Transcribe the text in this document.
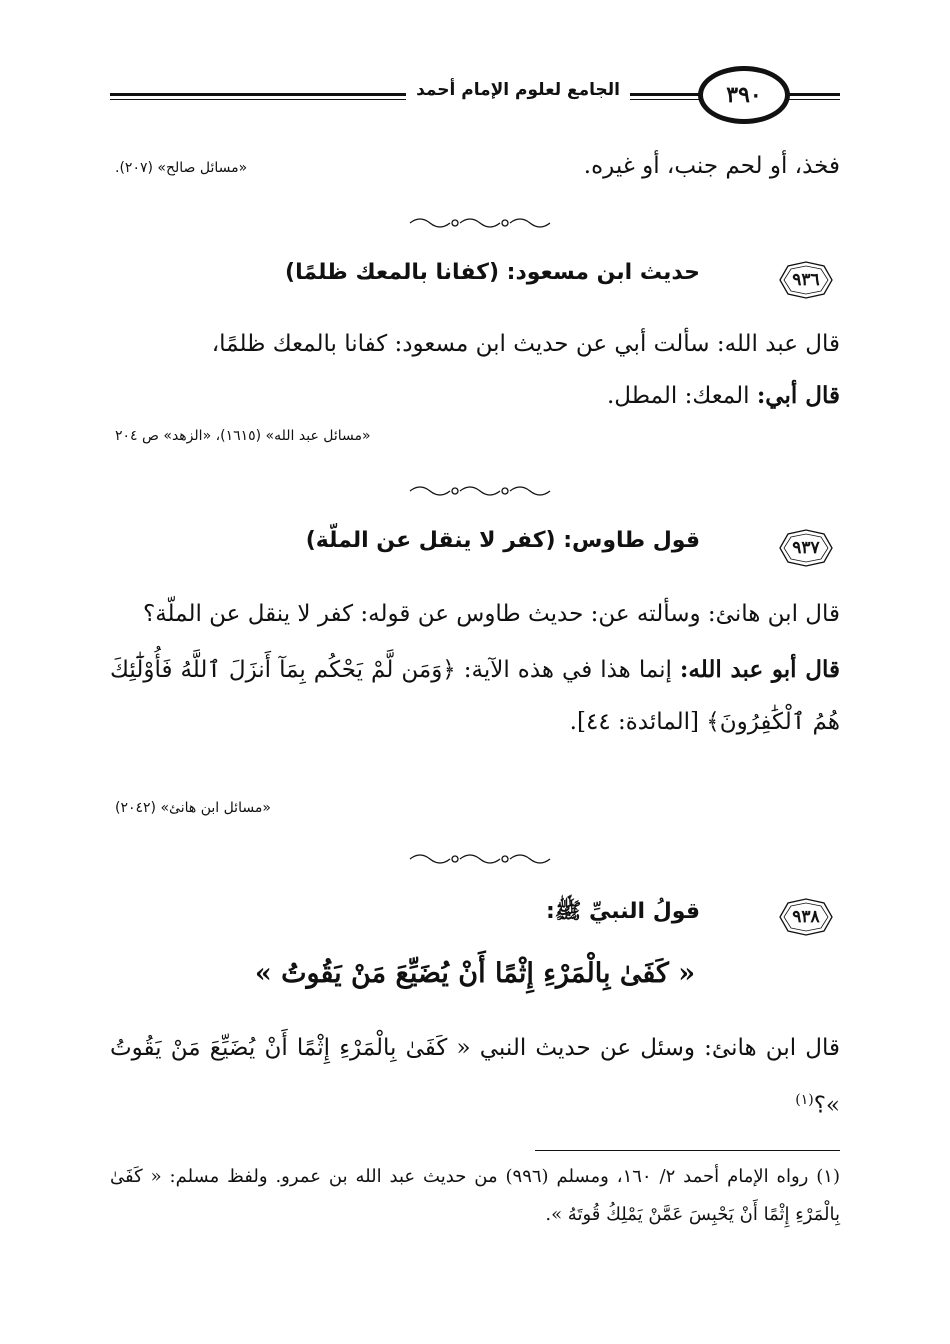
٣٩٠
الجامع لعلوم الإمام أحمد
فخذ، أو لحم جنب، أو غيره.
«مسائل صالح» (٢٠٧).
٩٣٦
حديث ابن مسعود: (كفانا بالمعك ظلمًا)
قال عبد الله: سألت أبي عن حديث ابن مسعود: كفانا بالمعك ظلمًا،
قال أبي: المعك: المطل.
«مسائل عبد الله» (١٦١٥)، «الزهد» ص ٢٠٤
٩٣٧
قول طاوس: (كفر لا ينقل عن الملّة)
قال ابن هانئ: وسألته عن: حديث طاوس عن قوله: كفر لا ينقل عن الملّة؟
قال أبو عبد الله: إنما هذا في هذه الآية: ﴿وَمَن لَّمْ يَحْكُم بِمَآ أَنزَلَ ٱللَّهُ فَأُوْلَٰٓئِكَ هُمُ ٱلْكَٰفِرُونَ﴾ [المائدة: ٤٤].
«مسائل ابن هانئ» (٢٠٤٢)
٩٣٨
قولُ النبيِّ ﷺ:
« كَفَىٰ بِالْمَرْءِ إِثْمًا أَنْ يُضَيِّعَ مَنْ يَقُوتُ »
قال ابن هانئ: وسئل عن حديث النبي « كَفَىٰ بِالْمَرْءِ إِثْمًا أَنْ يُضَيِّعَ مَنْ يَقُوتُ »؟$^{(١)}$
(١) رواه الإمام أحمد ٢/ ١٦٠، ومسلم (٩٩٦) من حديث عبد الله بن عمرو. ولفظ مسلم: « كَفَىٰ بِالْمَرْءِ إِثْمًا أَنْ يَحْبِسَ عَمَّنْ يَمْلِكُ قُوتَهُ ».
